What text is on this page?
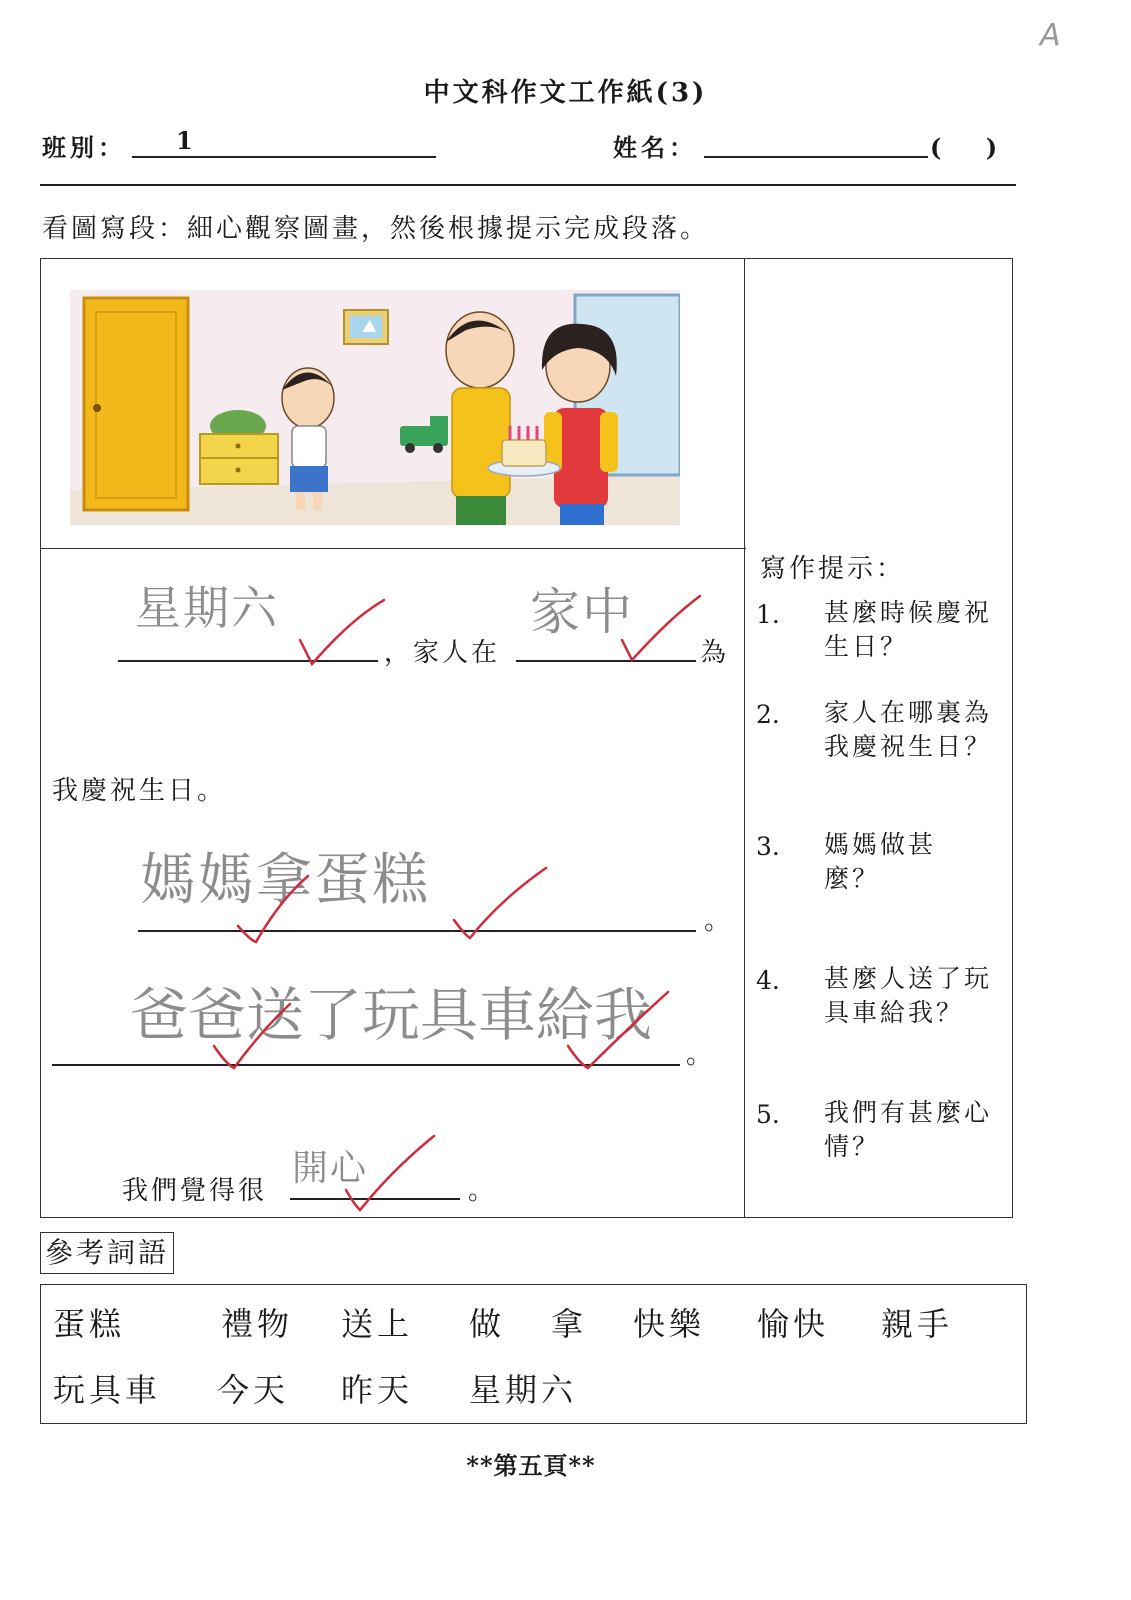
A
中文科作文工作紙(3)
班別： 1	姓名：	(　 )
看圖寫段：細心觀察圖畫，然後根據提示完成段落。
星期六
，家人在
家中
為
我慶祝生日。
媽媽拿蛋糕
。
爸爸送了玩具車給我
。
我們覺得很
開心
。
寫作提示：
1. 甚麼時候慶祝生日？
2. 家人在哪裏為我慶祝生日？
3. 媽媽做甚麼？
4. 甚麼人送了玩具車給我？
5. 我們有甚麼心情？
參考詞語
蛋糕	禮物 送上 做 拿 快樂 愉快 親手
玩具車 今天 昨天 星期六
**第五頁**
